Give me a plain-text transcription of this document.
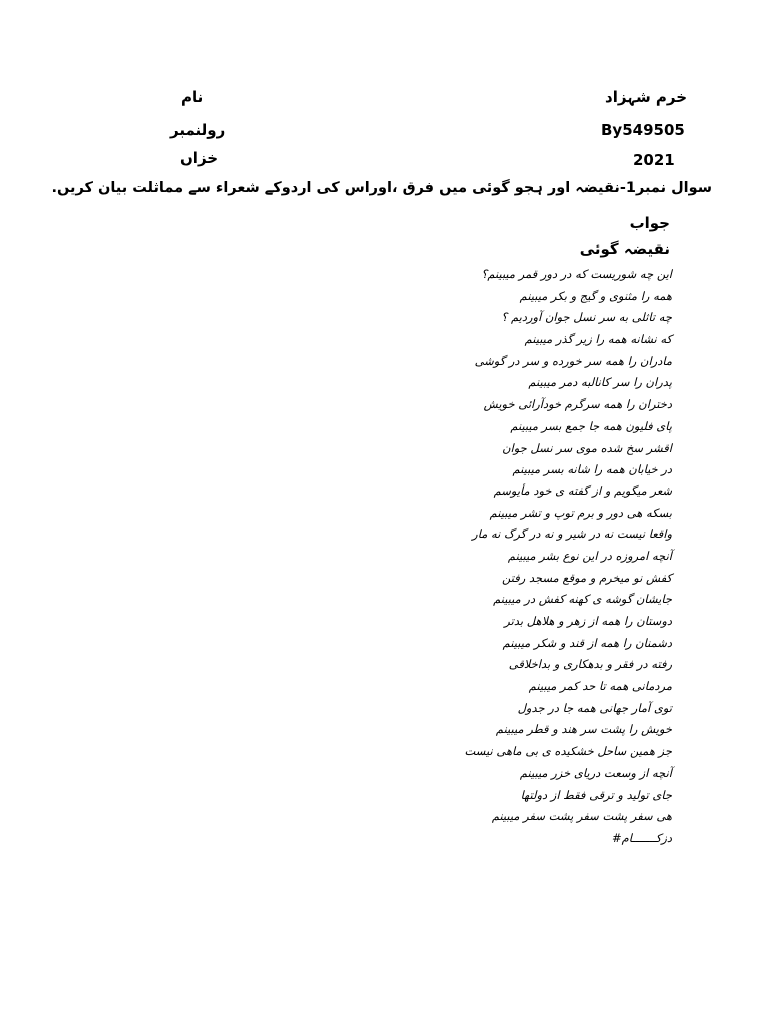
خرم شہزاد
نام
By549505
رولنمبر
2021
خزاں
سوال نمبر1-نقیضہ اور ہجو گوئی میں فرق ،اوراس کی اردوکے شعراء سے مماثلت بیان کریں.
جواب
نقیضہ گوئی
این چه شوریست که در دور قمر میبینم؟
همه را مثنوی و گیج و بکر میبینم
چه تاثلی به سر نسل جوان آوردیم ؟
که نشانه همه را زیر گذر میبینم
مادران را همه سر خورده و سر در گوشی
پدران را سر کانالبه دمر میبینم
دختران را همه سرگرم خودآرائی خویش
پای فلیون همه جا جمع بسر میبینم
اقشر سخ شده موی سر نسل جوان
در خیابان همه را شانه بسر میبینم
شعر میگویم و از گفته ی خود مأیوسم
بسکه هی دور و برم توپ و تشر میبینم
واقعا نیست نه در شیر و نه در گرگ نه مار
آنچه امروزه در این نوع بشر میبینم
کفش نو میخرم و موقع مسجد رفتن
جایشان گوشه ی کهنه کفش در میبینم
دوستان را همه از زهر و هلاهل بدتر
دشمنان را همه از قند و شکر میبینم
رفته در فقر و بدهکاری و بداخلاقی
مردمانی همه تا حد کمر میبینم
توی آمار جهانی همه جا در جدول
خویش را پشت سر هند و قطر میبینم
جز همین ساحل خشکیده ی بی ماهی نیست
آنچه از وسعت دریای خزر میبینم
جای تولید و ترقی فقط از دولتها
هی سفر پشت سفر پشت سفر میبینم
دزکـــــــام#
